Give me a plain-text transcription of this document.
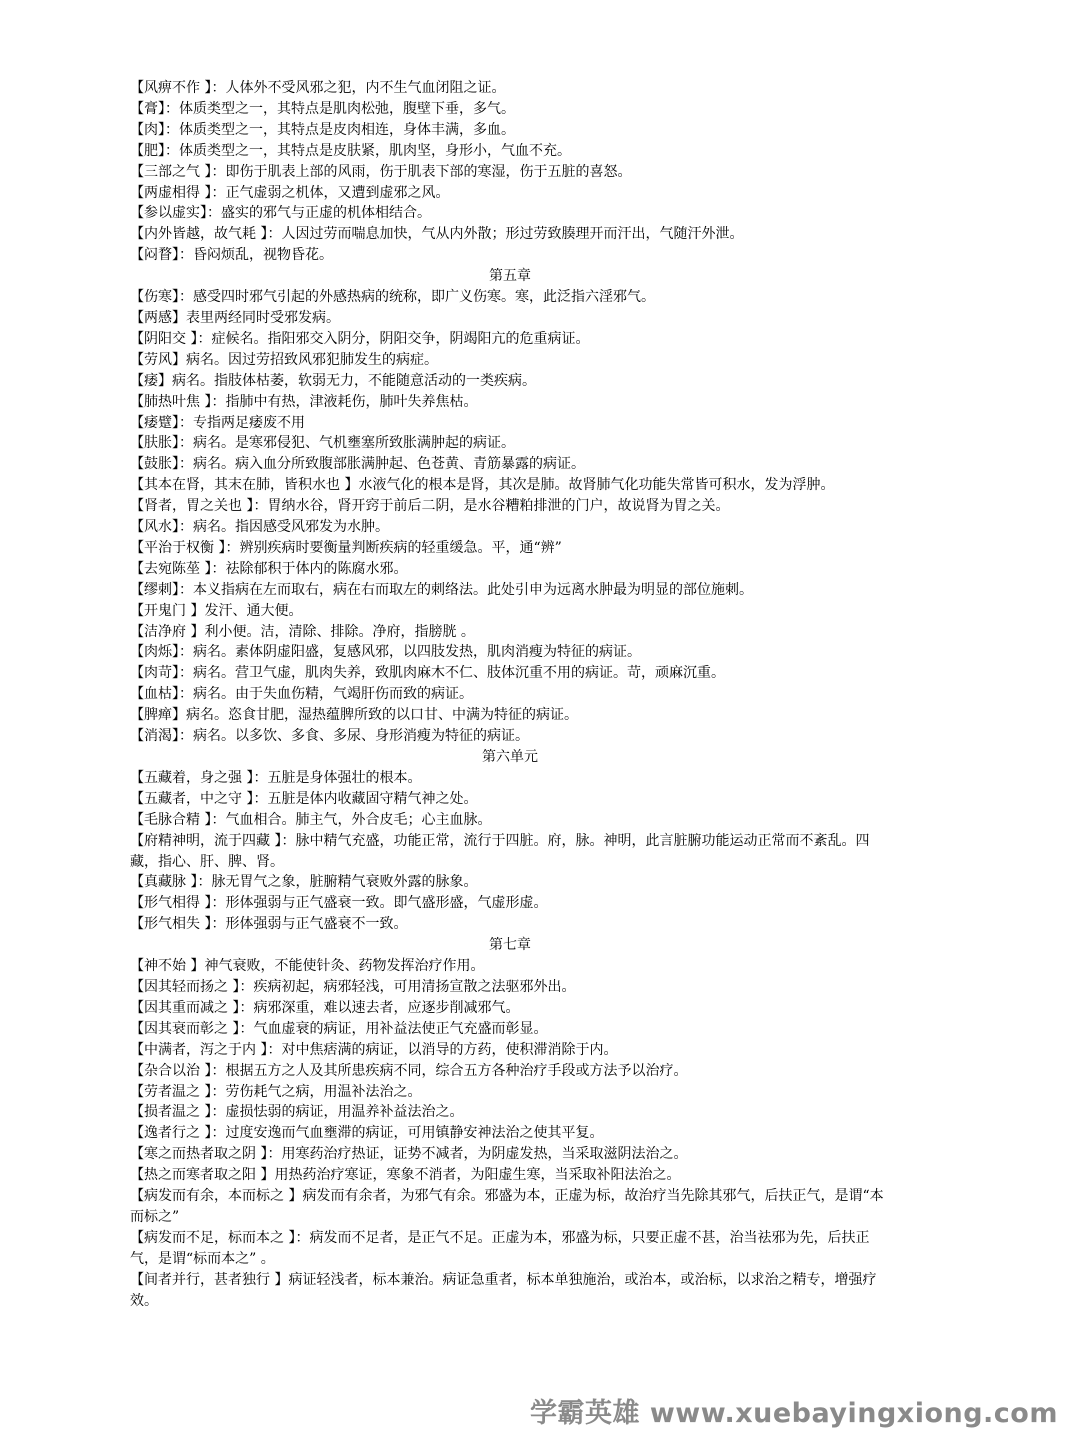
【风痹不作 】：人体外不受风邪之犯，内不生气血闭阻之证。
【膏】：体质类型之一，其特点是肌肉松弛，腹壁下垂，多气。
【肉】：体质类型之一，其特点是皮肉相连，身体丰满，多血。
【肥】：体质类型之一，其特点是皮肤紧，肌肉坚，身形小，气血不充。
【三部之气 】：即伤于肌表上部的风雨，伤于肌表下部的寒湿，伤于五脏的喜怒。
【两虚相得 】：正气虚弱之机体，又遭到虚邪之风。
【参以虚实】：盛实的邪气与正虚的机体相结合。
【内外皆越，故气耗 】：人因过劳而喘息加快，气从内外散；形过劳致腠理开而汗出，气随汗外泄。
【闷瞀】：昏闷烦乱，视物昏花。
第五章
【伤寒】：感受四时邪气引起的外感热病的统称，即广义伤寒。寒，此泛指六淫邪气。
【两感】表里两经同时受邪发病。
【阴阳交 】：症候名。指阳邪交入阴分，阴阳交争，阴竭阳亢的危重病证。
【劳风】病名。因过劳招致风邪犯肺发生的病症。
【痿】病名。指肢体枯萎，软弱无力，不能随意活动的一类疾病。
【肺热叶焦 】：指肺中有热，津液耗伤，肺叶失养焦枯。
【痿躄】：专指两足痿废不用
【肤胀】：病名。是寒邪侵犯、气机壅塞所致胀满肿起的病证。
【鼓胀】：病名。病入血分所致腹部胀满肿起、色苍黄、青筋暴露的病证。
【其本在肾，其末在肺，皆积水也 】水液气化的根本是肾，其次是肺。故肾肺气化功能失常皆可积水，发为浮肿。
【肾者，胃之关也 】：胃纳水谷，肾开窍于前后二阴，是水谷糟粕排泄的门户，故说肾为胃之关。
【风水】：病名。指因感受风邪发为水肿。
【平治于权衡 】：辨别疾病时要衡量判断疾病的轻重缓急。平，通“辨”
【去宛陈莝 】：祛除郁积于体内的陈腐水邪。
【缪刺】：本义指病在左而取右，病在右而取左的刺络法。此处引申为远离水肿最为明显的部位施刺。
【开鬼门 】发汗、通大便。
【洁净府 】利小便。洁，清除、排除。净府，指膀胱 。
【肉烁】：病名。素体阴虚阳盛，复感风邪，以四肢发热，肌肉消瘦为特征的病证。
【肉苛】：病名。营卫气虚，肌肉失养，致肌肉麻木不仁、肢体沉重不用的病证。苛，顽麻沉重。
【血枯】：病名。由于失血伤精，气竭肝伤而致的病证。
【脾瘅】病名。恣食甘肥，湿热蕴脾所致的以口甘、中满为特征的病证。
【消渴】：病名。以多饮、多食、多尿、身形消瘦为特征的病证。
第六单元
【五藏着，身之强 】：五脏是身体强壮的根本。
【五藏者，中之守 】：五脏是体内收藏固守精气神之处。
【毛脉合精 】：气血相合。肺主气，外合皮毛；心主血脉。
【府精神明，流于四藏 】：脉中精气充盛，功能正常，流行于四脏。府，脉。神明，此言脏腑功能运动正常而不紊乱。四藏，指心、肝、脾、肾。
【真藏脉 】：脉无胃气之象，脏腑精气衰败外露的脉象。
【形气相得 】：形体强弱与正气盛衰一致。即气盛形盛，气虚形虚。
【形气相失 】：形体强弱与正气盛衰不一致。
第七章
【神不始 】神气衰败，不能使针灸、药物发挥治疗作用。
【因其轻而扬之 】：疾病初起，病邪轻浅，可用清扬宣散之法驱邪外出。
【因其重而减之 】：病邪深重，难以速去者，应逐步削减邪气。
【因其衰而彰之 】：气血虚衰的病证，用补益法使正气充盛而彰显。
【中满者，泻之于内 】：对中焦痞满的病证，以消导的方药，使积滞消除于内。
【杂合以治 】：根据五方之人及其所患疾病不同，综合五方各种治疗手段或方法予以治疗。
【劳者温之 】：劳伤耗气之病，用温补法治之。
【损者温之 】：虚损怯弱的病证，用温养补益法治之。
【逸者行之 】：过度安逸而气血壅滞的病证，可用镇静安神法治之使其平复。
【寒之而热者取之阴 】：用寒药治疗热证，证势不减者，为阴虚发热，当采取滋阴法治之。
【热之而寒者取之阳 】用热药治疗寒证，寒象不消者，为阳虚生寒，当采取补阳法治之。
【病发而有余，本而标之 】病发而有余者，为邪气有余。邪盛为本，正虚为标，故治疗当先除其邪气，后扶正气，是谓“本而标之”
【病发而不足，标而本之 】：病发而不足者，是正气不足。正虚为本，邪盛为标，只要正虚不甚，治当祛邪为先，后扶正气，是谓“标而本之” 。
【间者并行，甚者独行 】病证轻浅者，标本兼治。病证急重者，标本单独施治，或治本，或治标，以求治之精专，增强疗效。
学霸英雄 www.xuebayingxiong.com
